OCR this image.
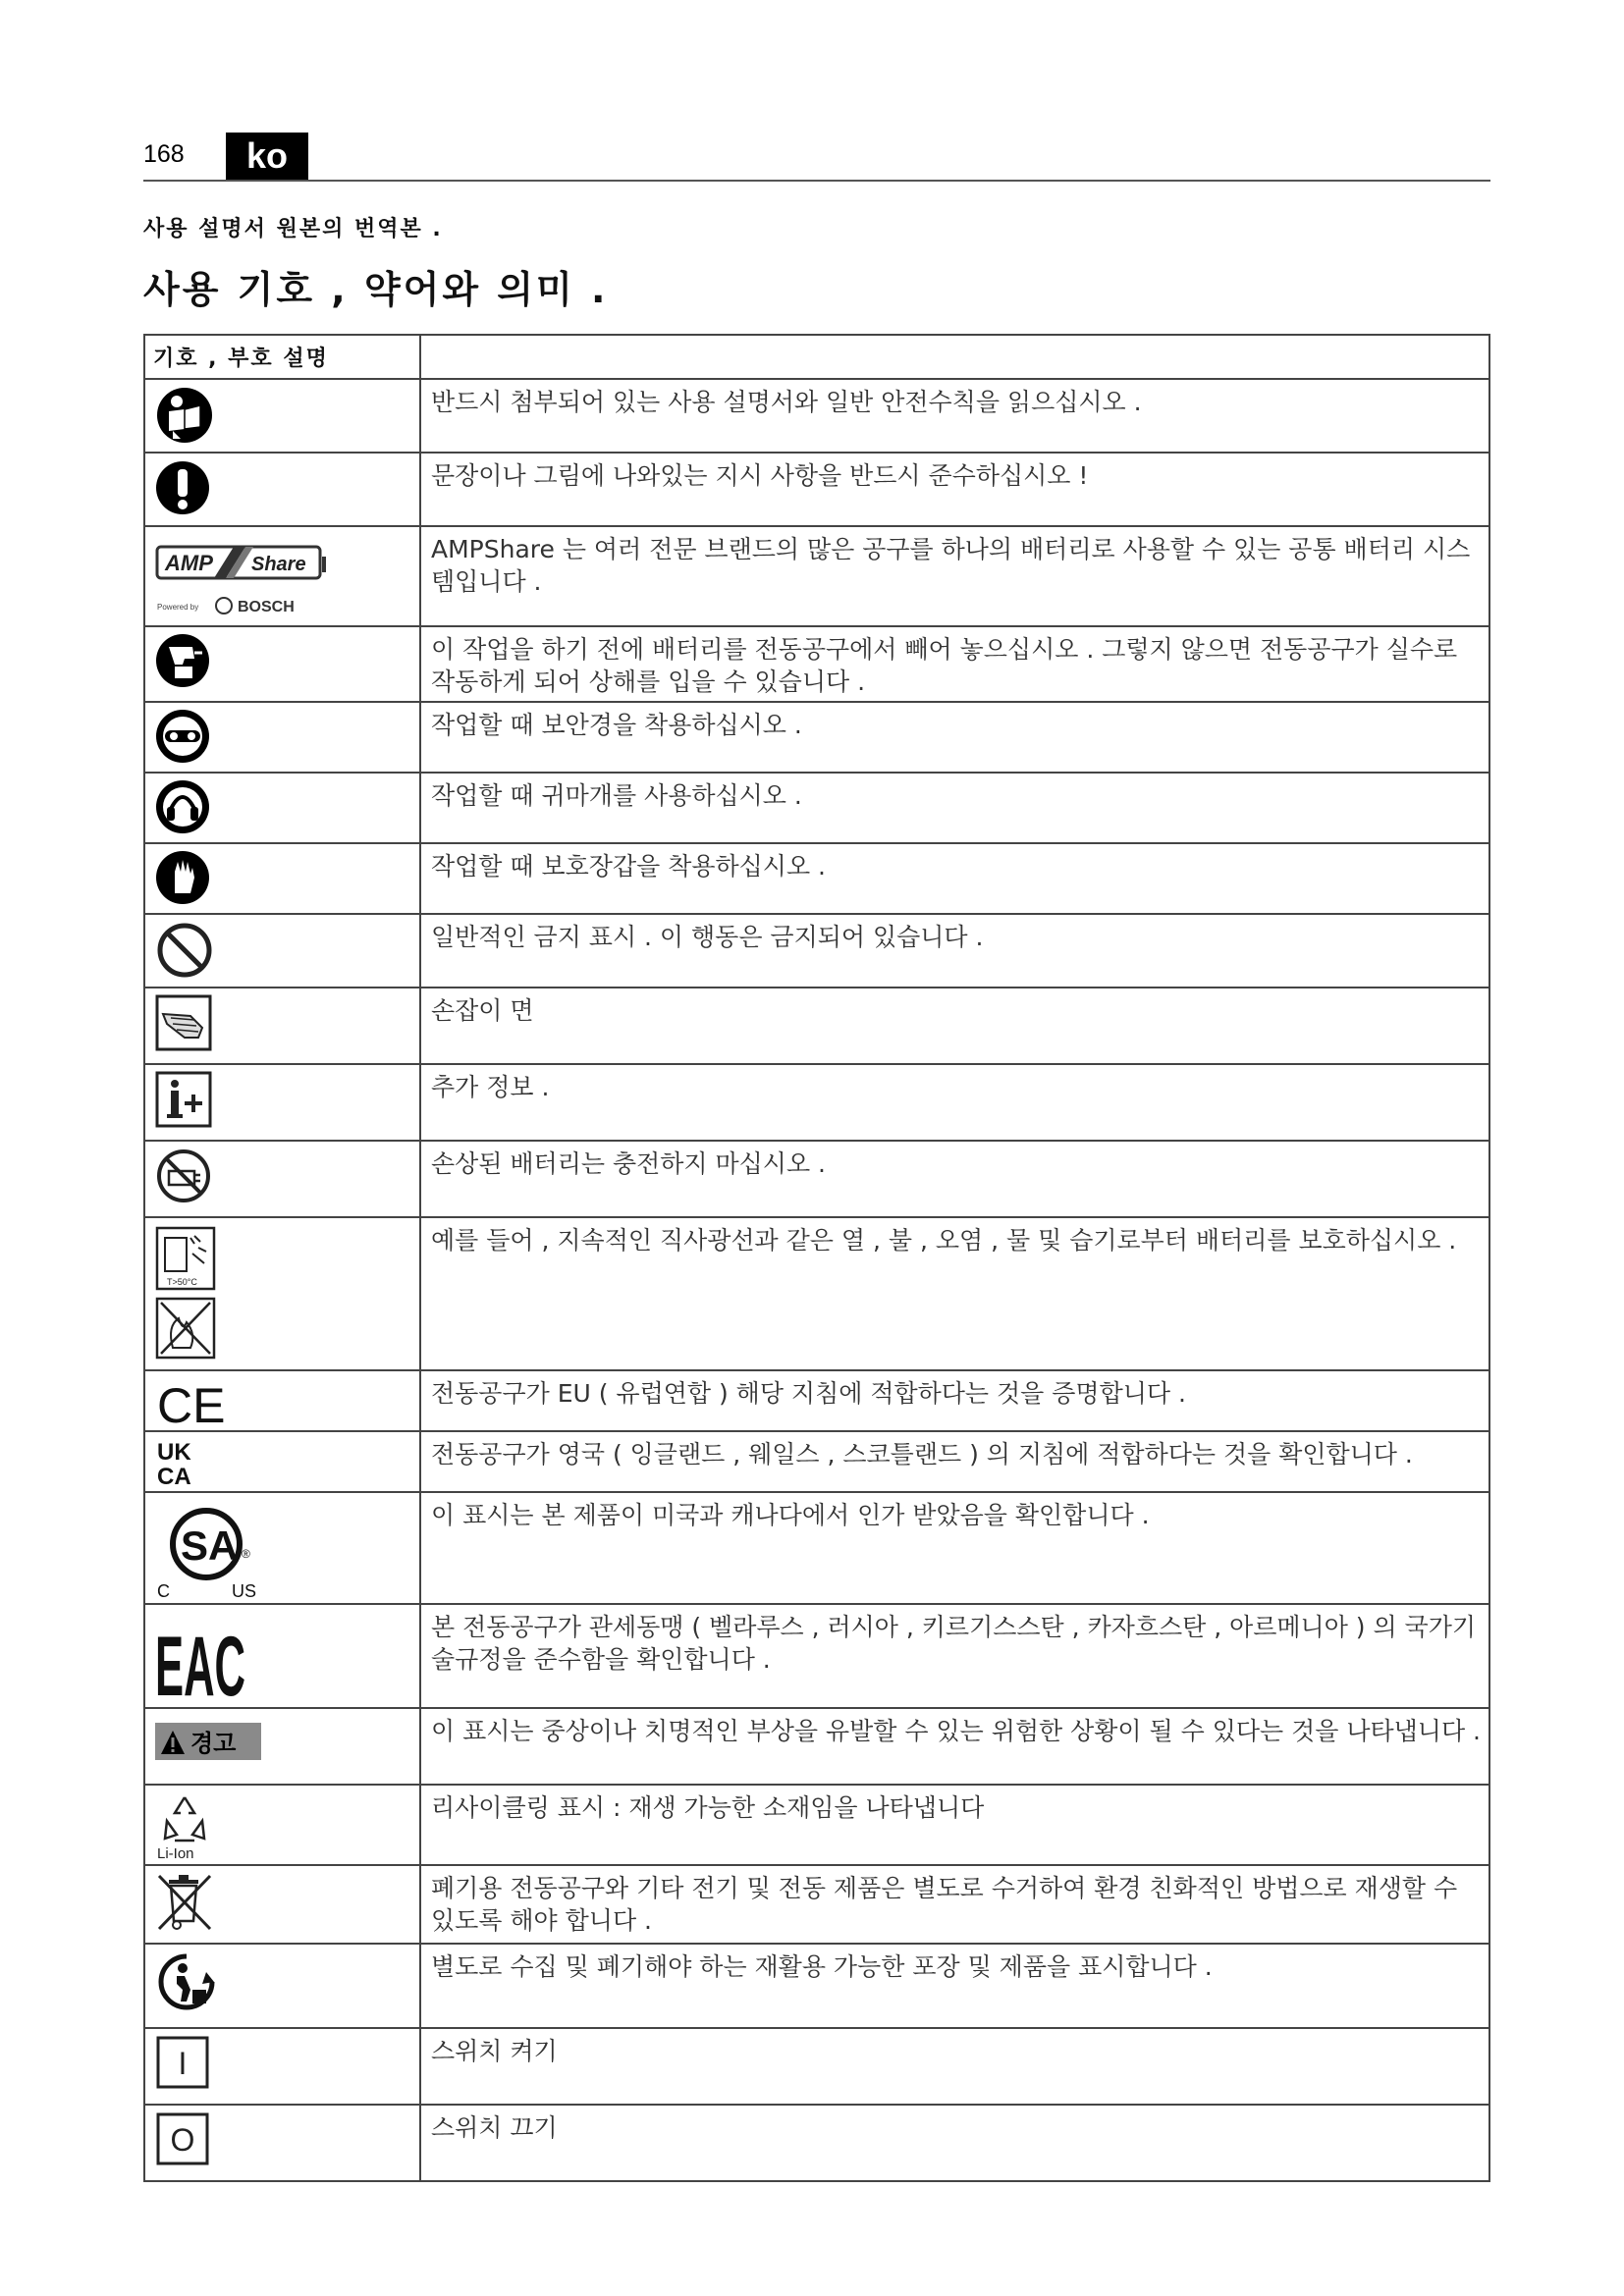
168	ko
사용 설명서 원본의 번역본 .
사용 기호 , 약어와 의미 .
기호 , 부호 설명	

	반드시 첨부되어 있는 사용 설명서와 일반 안전수칙을 읽으십시오 .

	문장이나 그림에 나와있는 지시 사항을 반드시 준수하십시오 !

AMP Share
Powered by BOSCH	AMPShare 는 여러 전문 브랜드의 많은 공구를 하나의 배터리로 사용할 수 있는 공통 배터리 시스템입니다 .

	이 작업을 하기 전에 배터리를 전동공구에서 빼어 놓으십시오 . 그렇지 않으면 전동공구가 실수로 작동하게 되어 상해를 입을 수 있습니다 .

	작업할 때 보안경을 착용하십시오 .

	작업할 때 귀마개를 사용하십시오 .

	작업할 때 보호장갑을 착용하십시오 .

	일반적인 금지 표시 . 이 행동은 금지되어 있습니다 .

	손잡이 면

	추가 정보 .

	손상된 배터리는 충전하지 마십시오 .

T>50°C	예를 들어 , 지속적인 직사광선과 같은 열 , 불 , 오염 , 물 및 습기로부터 배터리를 보호하십시오 .

CE	전동공구가 EU ( 유럽연합 ) 해당 지침에 적합하다는 것을 증명합니다 .

UK
CA	전동공구가 영국 ( 잉글랜드 , 웨일스 , 스코틀랜드 ) 의 지침에 적합하다는 것을 확인합니다 .

SA ®
C US	이 표시는 본 제품이 미국과 캐나다에서 인가 받았음을 확인합니다 .

EAC	본 전동공구가 관세동맹 ( 벨라루스 , 러시아 , 키르기스스탄 , 카자흐스탄 , 아르메니아 ) 의 국가기술규정을 준수함을 확인합니다 .

경고	이 표시는 중상이나 치명적인 부상을 유발할 수 있는 위험한 상황이 될 수 있다는 것을 나타냅니다 .

Li-Ion	리사이클링 표시 : 재생 가능한 소재임을 나타냅니다

	폐기용 전동공구와 기타 전기 및 전동 제품은 별도로 수거하여 환경 친화적인 방법으로 재생할 수 있도록 해야 합니다 .

	별도로 수집 및 폐기해야 하는 재활용 가능한 포장 및 제품을 표시합니다 .

I	스위치 켜기

O	스위치 끄기
